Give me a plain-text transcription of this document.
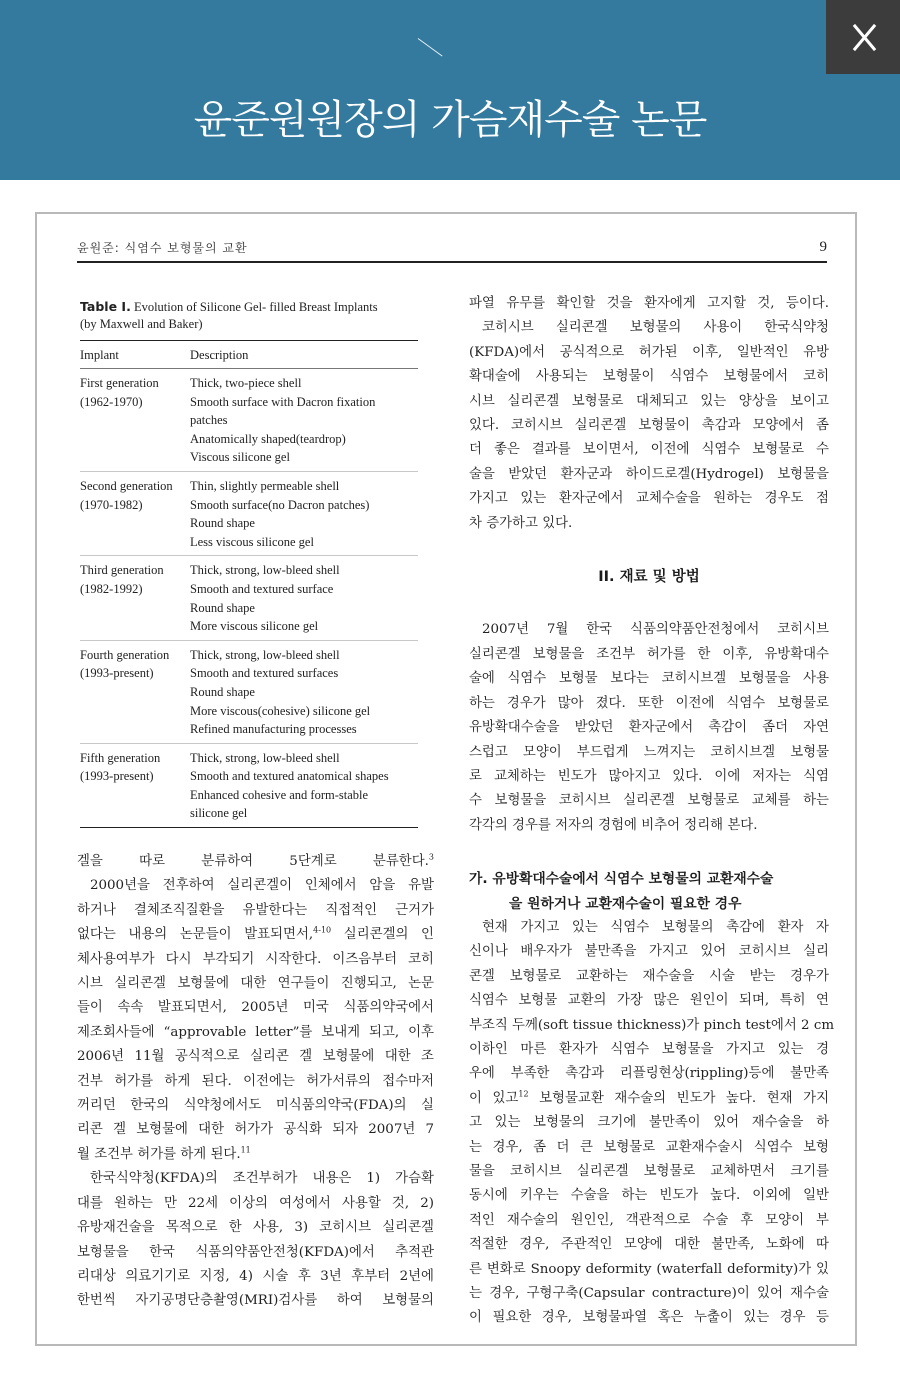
윤준원원장의 가슴재수술 논문
윤원준: 식염수 보형물의 교환	9
Table I. Evolution of Silicone Gel- filled Breast Implants
(by Maxwell and Baker)
Implant	Description
First generation
(1962-1970)
Thick, two-piece shell
Smooth surface with Dacron fixation
patches
Anatomically shaped(teardrop)
Viscous silicone gel
Second generation
(1970-1982)
Thin, slightly permeable shell
Smooth surface(no Dacron patches)
Round shape
Less viscous silicone gel
Third generation
(1982-1992)
Thick, strong, low-bleed shell
Smooth and textured surface
Round shape
More viscous silicone gel
Fourth generation
(1993-present)
Thick, strong, low-bleed shell
Smooth and textured surfaces
Round shape
More viscous(cohesive) silicone gel
Refined manufacturing processes
Fifth generation
(1993-present)
Thick, strong, low-bleed shell
Smooth and textured anatomical shapes
Enhanced cohesive and form-stable
silicone gel

겔을 따로 분류하여 5단계로 분류한다.$^3$

2000년을 전후하여 실리콘겔이 인체에서 암을 유발

하거나 결체조직질환을 유발한다는 직접적인 근거가

없다는 내용의 논문들이 발표되면서,$^{4-10}$ 실리콘겔의 인

체사용여부가 다시 부각되기 시작한다. 이즈음부터 코히

시브 실리콘겔 보형물에 대한 연구들이 진행되고, 논문

들이 속속 발표되면서, 2005년 미국 식품의약국에서

제조회사들에 “approvable letter”를 보내게 되고, 이후

2006년 11월 공식적으로 실리콘 겔 보형물에 대한 조

건부 허가를 하게 된다. 이전에는 허가서류의 접수마저

꺼리던 한국의 식약청에서도 미식품의약국(FDA)의 실

리콘 겔 보형물에 대한 허가가 공식화 되자 2007년 7

월 조건부 허가를 하게 된다.$^{11}$

한국식약청(KFDA)의 조건부허가 내용은 1) 가슴확

대를 원하는 만 22세 이상의 여성에서 사용할 것, 2)

유방재건술을 목적으로 한 사용, 3) 코히시브 실리콘겔

보형물을 한국 식품의약품안전청(KFDA)에서 추적관

리대상 의료기기로 지정, 4) 시술 후 3년 후부터 2년에

한번씩 자기공명단층촬영(MRI)검사를 하여 보형물의

파열 유무를 확인할 것을 환자에게 고지할 것, 등이다.

코히시브 실리콘겔 보형물의 사용이 한국식약청

(KFDA)에서 공식적으로 허가된 이후, 일반적인 유방

확대술에 사용되는 보형물이 식염수 보형물에서 코히

시브 실리콘겔 보형물로 대체되고 있는 양상을 보이고

있다. 코히시브 실리콘겔 보형물이 촉감과 모양에서 좀

더 좋은 결과를 보이면서, 이전에 식염수 보형물로 수

술을 받았던 환자군과 하이드로겔(Hydrogel) 보형물을

가지고 있는 환자군에서 교체수술을 원하는 경우도 점

차 증가하고 있다.

II. 재료 및 방법

2007년 7월 한국 식품의약품안전청에서 코히시브

실리콘겔 보형물을 조건부 허가를 한 이후, 유방확대수

술에 식염수 보형물 보다는 코히시브겔 보형물을 사용

하는 경우가 많아 졌다. 또한 이전에 식염수 보형물로

유방확대수술을 받았던 환자군에서 촉감이 좀더 자연

스럽고 모양이 부드럽게 느껴지는 코히시브겔 보형물

로 교체하는 빈도가 많아지고 있다. 이에 저자는 식염

수 보형물을 코히시브 실리콘겔 보형물로 교체를 하는

각각의 경우를 저자의 경험에 비추어 정리해 본다.

가. 유방확대수술에서 식염수 보형물의 교환재수술
을 원하거나 교환재수술이 필요한 경우

현재 가지고 있는 식염수 보형물의 촉감에 환자 자

신이나 배우자가 불만족을 가지고 있어 코히시브 실리

콘겔 보형물로 교환하는 재수술을 시술 받는 경우가

식염수 보형물 교환의 가장 많은 원인이 되며, 특히 연

부조직 두께(soft tissue thickness)가 pinch test에서 2 cm

이하인 마른 환자가 식염수 보형물을 가지고 있는 경

우에 부족한 촉감과 리플링현상(rippling)등에 불만족

이 있고$^{12}$ 보형물교환 재수술의 빈도가 높다. 현재 가지

고 있는 보형물의 크기에 불만족이 있어 재수술을 하

는 경우, 좀 더 큰 보형물로 교환재수술시 식염수 보형

물을 코히시브 실리콘겔 보형물로 교체하면서 크기를

동시에 키우는 수술을 하는 빈도가 높다. 이외에 일반

적인 재수술의 원인인, 객관적으로 수술 후 모양이 부

적절한 경우, 주관적인 모양에 대한 불만족, 노화에 따

른 변화로 Snoopy deformity (waterfall deformity)가 있

는 경우, 구형구축(Capsular contracture)이 있어 재수술

이 필요한 경우, 보형물파열 혹은 누출이 있는 경우 등
